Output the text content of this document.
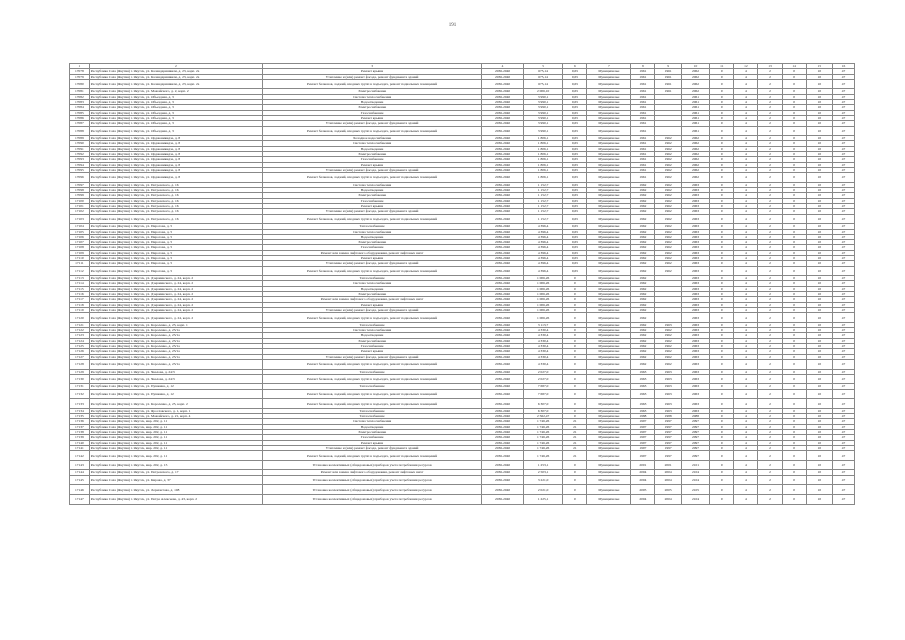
191
1	2	3	4	5	6	7	8	9	10	11	12	13	14	15	16
17078	Республика Саха (Якутия) г. Якутск, ул. Каландаришвили, д. 23, корп. 2а	Ремонт крыши	2036-2040	675,14	0,65	Муниципальн	1961	1961	2062	0	4	2	0	10	47
17079	Республика Саха (Якутия) г. Якутск, ул. Каландаришвили, д. 23, корп. 2а	Утепление и (или) ремонт фасада, ремонт фундамента зданий	2036-2040	675,14	0,65	Муниципальн	1961	1961	2062	0	4	2	0	10	47
17080	Республика Саха (Якутия) г. Якутск, ул. Каландаришвили, д. 23, корп. 2а	Ремонт балконов, лоджий, входных групп в подъездах, ремонт подвальных помещений	2036-2040	675,14	0,65	Муниципальн	1961	1961	2062	0	4	2	0	10	47
17081	Республика Саха (Якутия) г. Якутск, ул. Можайского, д. 2, корп. 2	Электроснабжение	2036-2040	2 006,10	0,65	Муниципальн	1961	1961	2062	0	4	2	0	10	47
17082	Республика Саха (Якутия) г. Якутск, ул. Объездная, д. 3	Система теплоснабжения	2036-2040	3 990,1	0,65	Муниципальн	1961		2061	0	4	2	0	10	47
17083	Республика Саха (Якутия) г. Якутск, ул. Объездная, д. 3	Водоотведение	2036-2040	3 990,1	0,65	Муниципальн	1961		2061	0	4	2	0	10	47
17084	Республика Саха (Якутия) г. Якутск, ул. Объездная, д. 3	Электроснабжение	2036-2040	3 990,1	0,65	Муниципальн	1961		2061	0	4	2	0	10	47
17085	Республика Саха (Якутия) г. Якутск, ул. Объездная, д. 3	Газоснабжение	2036-2040	3 990,1	0,65	Муниципальн	1961		2061	0	4	2	0	10	47
17086	Республика Саха (Якутия) г. Якутск, ул. Объездная, д. 3	Ремонт крыши	2036-2040	3 990,1	0,65	Муниципальн	1961		2061	0	4	2	0	10	47
17087	Республика Саха (Якутия) г. Якутск, ул. Объездная, д. 3	Утепление и (или) ремонт фасада, ремонт фундамента зданий	2036-2040	3 990,1	0,65	Муниципальн	1961		2061	0	4	2	0	10	47
17088	Республика Саха (Якутия) г. Якутск, ул. Объездная, д. 3	Ремонт балконов, лоджий, входных групп в подъездах, ремонт подвальных помещений	2036-2040	3 990,1	0,65	Муниципальн	1961		2061	0	4	2	0	10	47
17089	Республика Саха (Якутия) г. Якутск, ул. Орджоникидзе, д. 8	Холодное водоснабжение	2036-2040	1 806,1	0,65	Муниципальн	1961	1962	2062	0	4	2	0	10	47
17090	Республика Саха (Якутия) г. Якутск, ул. Орджоникидзе, д. 8	Система теплоснабжения	2036-2040	1 806,1	0,65	Муниципальн	1961	1962	2062	0	4	2	0	10	47
17091	Республика Саха (Якутия) г. Якутск, ул. Орджоникидзе, д. 8	Водоотведение	2036-2040	1 806,1	0,65	Муниципальн	1961	1962	2062	0	4	2	0	10	47
17092	Республика Саха (Якутия) г. Якутск, ул. Орджоникидзе, д. 8	Электроснабжение	2036-2040	1 806,1	0,65	Муниципальн	1961	1962	2062	0	4	2	0	10	47
17093	Республика Саха (Якутия) г. Якутск, ул. Орджоникидзе, д. 8	Газоснабжение	2036-2040	1 806,1	0,65	Муниципальн	1961	1962	2062	0	4	2	0	10	47
17094	Республика Саха (Якутия) г. Якутск, ул. Орджоникидзе, д. 8	Ремонт крыши	2036-2040	1 806,1	0,65	Муниципальн	1961	1962	2062	0	4	2	0	10	47
17095	Республика Саха (Якутия) г. Якутск, ул. Орджоникидзе, д. 8	Утепление и (или) ремонт фасада, ремонт фундамента зданий	2036-2040	1 806,1	0,65	Муниципальн	1961	1962	2062	0	4	2	0	10	47
17096	Республика Саха (Якутия) г. Якутск, ул. Орджоникидзе, д. 8	Ремонт балконов, лоджий, входных групп в подъездах, ремонт подвальных помещений	2036-2040	1 806,1	0,65	Муниципальн	1961	1962	2062	0	4	2	0	10	47
17097	Республика Саха (Якутия) г. Якутск, ул. Петровского, д. 16	Система теплоснабжения	2036-2040	1 152,7	0,65	Муниципальн	1962	1962	2063	0	4	2	0	10	47
17098	Республика Саха (Якутия) г. Якутск, ул. Петровского, д. 16	Водоотведение	2036-2040	1 152,7	0,65	Муниципальн	1962	1962	2063	0	4	2	0	10	47
17099	Республика Саха (Якутия) г. Якутск, ул. Петровского, д. 16	Электроснабжение	2036-2040	1 152,7	0,65	Муниципальн	1962	1962	2063	0	4	2	0	10	47
17100	Республика Саха (Якутия) г. Якутск, ул. Петровского, д. 16	Газоснабжение	2036-2040	1 152,7	0,65	Муниципальн	1962	1962	2063	0	4	2	0	10	47
17101	Республика Саха (Якутия) г. Якутск, ул. Петровского, д. 16	Ремонт крыши	2036-2040	1 152,7	0,65	Муниципальн	1962	1962	2063	0	4	2	0	10	47
17102	Республика Саха (Якутия) г. Якутск, ул. Петровского, д. 16	Утепление и (или) ремонт фасада, ремонт фундамента зданий	2036-2040	1 152,7	0,65	Муниципальн	1962	1962	2063	0	4	2	0	10	47
17103	Республика Саха (Якутия) г. Якутск, ул. Петровского, д. 16	Ремонт балконов, лоджий, входных групп в подъездах, ремонт подвальных помещений	2036-2040	1 152,7	0,65	Муниципальн	1962	1962	2063	0	4	2	0	10	47
17104	Республика Саха (Якутия) г. Якутск, ул. Пирогова, д. 5	Теплоснабжение	2036-2040	4 396,4	0,65	Муниципальн	1962	1962	2063	0	4	2	0	10	47
17105	Республика Саха (Якутия) г. Якутск, ул. Пирогова, д. 5	Система теплоснабжения	2036-2040	4 396,4	0,65	Муниципальн	1962	1962	2063	0	4	2	0	10	47
17106	Республика Саха (Якутия) г. Якутск, ул. Пирогова, д. 5	Водоотведение	2036-2040	4 396,4	0,65	Муниципальн	1962	1962	2063	0	4	2	0	10	47
17107	Республика Саха (Якутия) г. Якутск, ул. Пирогова, д. 5	Электроснабжение	2036-2040	4 396,4	0,65	Муниципальн	1962	1962	2063	0	4	2	0	10	47
17108	Республика Саха (Якутия) г. Якутск, ул. Пирогова, д. 5	Газоснабжение	2036-2040	4 396,4	0,65	Муниципальн	1962	1962	2063	0	4	2	0	10	47
17109	Республика Саха (Якутия) г. Якутск, ул. Пирогова, д. 5	Ремонт или замена лифтового оборудования, ремонт лифтовых шахт	2036-2040	4 396,4	0,65	Муниципальн	1962	1962	2063	0	4	2	0	10	47
17110	Республика Саха (Якутия) г. Якутск, ул. Пирогова, д. 5	Ремонт крыши	2036-2040	4 396,4	0,65	Муниципальн	1962	1962	2063	0	4	2	0	10	47
17111	Республика Саха (Якутия) г. Якутск, ул. Пирогова, д. 5	Утепление и (или) ремонт фасада, ремонт фундамента зданий	2036-2040	4 396,4	0,65	Муниципальн	1962	1962	2063	0	4	2	0	10	47
17112	Республика Саха (Якутия) г. Якутск, ул. Пирогова, д. 5	Ремонт балконов, лоджий, входных групп в подъездах, ремонт подвальных помещений	2036-2040	4 396,4	0,65	Муниципальн	1962	1962	2063	0	4	2	0	10	47
17113	Республика Саха (Якутия) г. Якутск, ул. Дзержинского, д. 24, корп. 2	Теплоснабжение	2036-2040	1 006,26	0	Муниципальн	1962		2063	0	4	2	0	10	47
17114	Республика Саха (Якутия) г. Якутск, ул. Дзержинского, д. 24, корп. 2	Система теплоснабжения	2036-2040	1 006,26	0	Муниципальн	1962		2063	0	4	2	0	10	47
17115	Республика Саха (Якутия) г. Якутск, ул. Дзержинского, д. 24, корп. 2	Водоотведение	2036-2040	1 006,26	0	Муниципальн	1962		2063	0	4	2	0	10	47
17116	Республика Саха (Якутия) г. Якутск, ул. Дзержинского, д. 24, корп. 2	Электроснабжение	2036-2040	1 006,26	0	Муниципальн	1962		2063	0	4	2	0	10	47
17117	Республика Саха (Якутия) г. Якутск, ул. Дзержинского, д. 24, корп. 2	Ремонт или замена лифтового оборудования, ремонт лифтовых шахт	2036-2040	1 006,26	0	Муниципальн	1962		2063	0	4	2	0	10	47
17118	Республика Саха (Якутия) г. Якутск, ул. Дзержинского, д. 24, корп. 2	Ремонт крыши	2036-2040	1 006,26	0	Муниципальн	1962		2063	0	4	2	0	10	47
17119	Республика Саха (Якутия) г. Якутск, ул. Дзержинского, д. 24, корп. 2	Утепление и (или) ремонт фасада, ремонт фундамента зданий	2036-2040	1 006,26	0	Муниципальн	1962		2063	0	4	2	0	10	47
17120	Республика Саха (Якутия) г. Якутск, ул. Дзержинского, д. 24, корп. 2	Ремонт балконов, лоджий, входных групп в подъездах, ремонт подвальных помещений	2036-2040	1 006,26	0	Муниципальн	1962		2063	0	4	2	0	10	47
17121	Республика Саха (Якутия) г. Якутск, ул. Короленко, д. 23, корп. 1	Теплоснабжение	2036-2040	3 113,7	0	Муниципальн	1962	1963	2063	0	4	2	0	10	47
17122	Республика Саха (Якутия) г. Якутск, ул. Короленко, д. 23/1а	Система теплоснабжения	2036-2040	4 330,4	0	Муниципальн	1962	1962	2063	0	4	2	0	10	47
17123	Республика Саха (Якутия) г. Якутск, ул. Короленко, д. 23/1а	Водоотведение	2036-2040	4 330,4	0	Муниципальн	1962	1962	2063	0	4	2	0	10	47
17124	Республика Саха (Якутия) г. Якутск, ул. Короленко, д. 23/1а	Электроснабжение	2036-2040	4 330,4	0	Муниципальн	1962	1962	2063	0	4	2	0	10	47
17125	Республика Саха (Якутия) г. Якутск, ул. Короленко, д. 23/1а	Газоснабжение	2036-2040	4 330,4	0	Муниципальн	1962	1962	2063	0	4	2	0	10	47
17126	Республика Саха (Якутия) г. Якутск, ул. Короленко, д. 23/1а	Ремонт крыши	2036-2040	4 330,4	0	Муниципальн	1962	1962	2063	0	4	2	0	10	47
17127	Республика Саха (Якутия) г. Якутск, ул. Короленко, д. 23/1а	Утепление и (или) ремонт фасада, ремонт фундамента зданий	2036-2040	4 330,4	0	Муниципальн	1962	1962	2063	0	4	2	0	10	47
17128	Республика Саха (Якутия) г. Якутск, ул. Короленко, д. 23/1а	Ремонт балконов, лоджий, входных групп в подъездах, ремонт подвальных помещений	2036-2040	4 330,4	0	Муниципальн	1962	1962	2063	0	4	2	0	10	47
17129	Республика Саха (Якутия) г. Якутск, ул. Чкалова, д. 24/3	Теплоснабжение	2036-2040	2 027,0	0	Муниципальн	1963	1963	2063	0	4	2	0	10	47
17130	Республика Саха (Якутия) г. Якутск, ул. Чкалова, д. 24/3	Ремонт балконов, лоджий, входных групп в подъездах, ремонт подвальных помещений	2036-2040	2 027,0	0	Муниципальн	1963	1963	2063	0	4	2	0	10	47
17131	Республика Саха (Якутия) г. Якутск, ул. Пушкина, д. 12	Теплоснабжение	2036-2040	7 687,0	0	Муниципальн	1963	1963	2063	0	4	2	0	10	47
17132	Республика Саха (Якутия) г. Якутск, ул. Пушкина, д. 12	Ремонт балконов, лоджий, входных групп в подъездах, ремонт подвальных помещений	2036-2040	7 687,0	0	Муниципальн	1963	1963	2063	0	4	2	0	10	47
17133	Республика Саха (Якутия) г. Якутск, ул. Короленко, д. 25, корп. 2	Ремонт балконов, лоджий, входных групп в подъездах, ремонт подвальных помещений	2036-2040	6 307,0	0	Муниципальн	1963	1963	2063	0	4	2	0	10	47
17134	Республика Саха (Якутия) г. Якутск, ул. Ярославского, д. 1, корп. 1	Теплоснабжение	2036-2040	6 307,0	0	Муниципальн	1963	1963	2063	0	4	2	0	10	47
17135	Республика Саха (Якутия) г. Якутск, ул. Можайского, д. 21, корп. 4	Теплоснабжение	2036-2040	2 562,47	0	Муниципальн	1988	1988	2088	0	4	2	0	10	47
17136	Республика Саха (Якутия) г. Якутск, мкр. 202, д. 11	Система теплоснабжения	2036-2040	1 746,26	21	Муниципальн	1997	1997	2097	0	4	2	0	10	47
17137	Республика Саха (Якутия) г. Якутск, мкр. 202, д. 11	Водоотведение	2036-2040	1 746,26	21	Муниципальн	1997	1997	2097	0	4	2	0	10	47
17138	Республика Саха (Якутия) г. Якутск, мкр. 202, д. 11	Электроснабжение	2036-2040	1 746,26	21	Муниципальн	1997	1997	2097	0	4	2	0	10	47
17139	Республика Саха (Якутия) г. Якутск, мкр. 202, д. 11	Газоснабжение	2036-2040	1 746,26	21	Муниципальн	1997	1997	2097	0	4	2	0	10	47
17140	Республика Саха (Якутия) г. Якутск, мкр. 202, д. 11	Ремонт крыши	2036-2040	1 746,26	21	Муниципальн	1997	1997	2097	0	4	2	0	10	47
17141	Республика Саха (Якутия) г. Якутск, мкр. 202, д. 11	Утепление и (или) ремонт фасада, ремонт фундамента зданий	2036-2040	1 746,26	21	Муниципальн	1997	1997	2097	0	4	2	0	10	47
17142	Республика Саха (Якутия) г. Якутск, мкр. 202, д. 11	Ремонт балконов, лоджий, входных групп в подъездах, ремонт подвальных помещений	2036-2040	1 746,26	21	Муниципальн	1997	1997	2097	0	4	2	0	10	47
17143	Республика Саха (Якутия) г. Якутск, мкр. 202, д. 15	Установка коллективных (общедомовых) приборов учета потребления ресурсов	2036-2040	1 253,1	0	Муниципальн	2001	2001	2101	0	4	2	0	10	47
17144	Республика Саха (Якутия) г. Якутск, ул. Петровского, д. 17	Ремонт или замена лифтового оборудования, ремонт лифтовых шахт	2036-2040	2 503,1	0	Муниципальн	2004	2004	2104	0	4	2	0	10	47
17145	Республика Саха (Якутия) г. Якутск, ул. Кирова, д. 37	Установка коллективных (общедомовых) приборов учета потребления ресурсов	2036-2040	3 221,0	0	Муниципальн	2004	2004	2104	0	4	2	0	10	47
17146	Республика Саха (Якутия) г. Якутск, ул. Лермонтова, д. 108	Установка коллективных (общедомовых) приборов учета потребления ресурсов	2036-2040	2 021,0	0	Муниципальн	2005	2005	2105	0	4	2	0	10	47
17147	Республика Саха (Якутия) г. Якутск, ул. Петра Алексеева, д. 43, корп. 2	Установка коллективных (общедомовых) приборов учета потребления ресурсов	2036-2040	1 225,1	0	Муниципальн	2004	2004	2104	0	4	2	0	10	47
